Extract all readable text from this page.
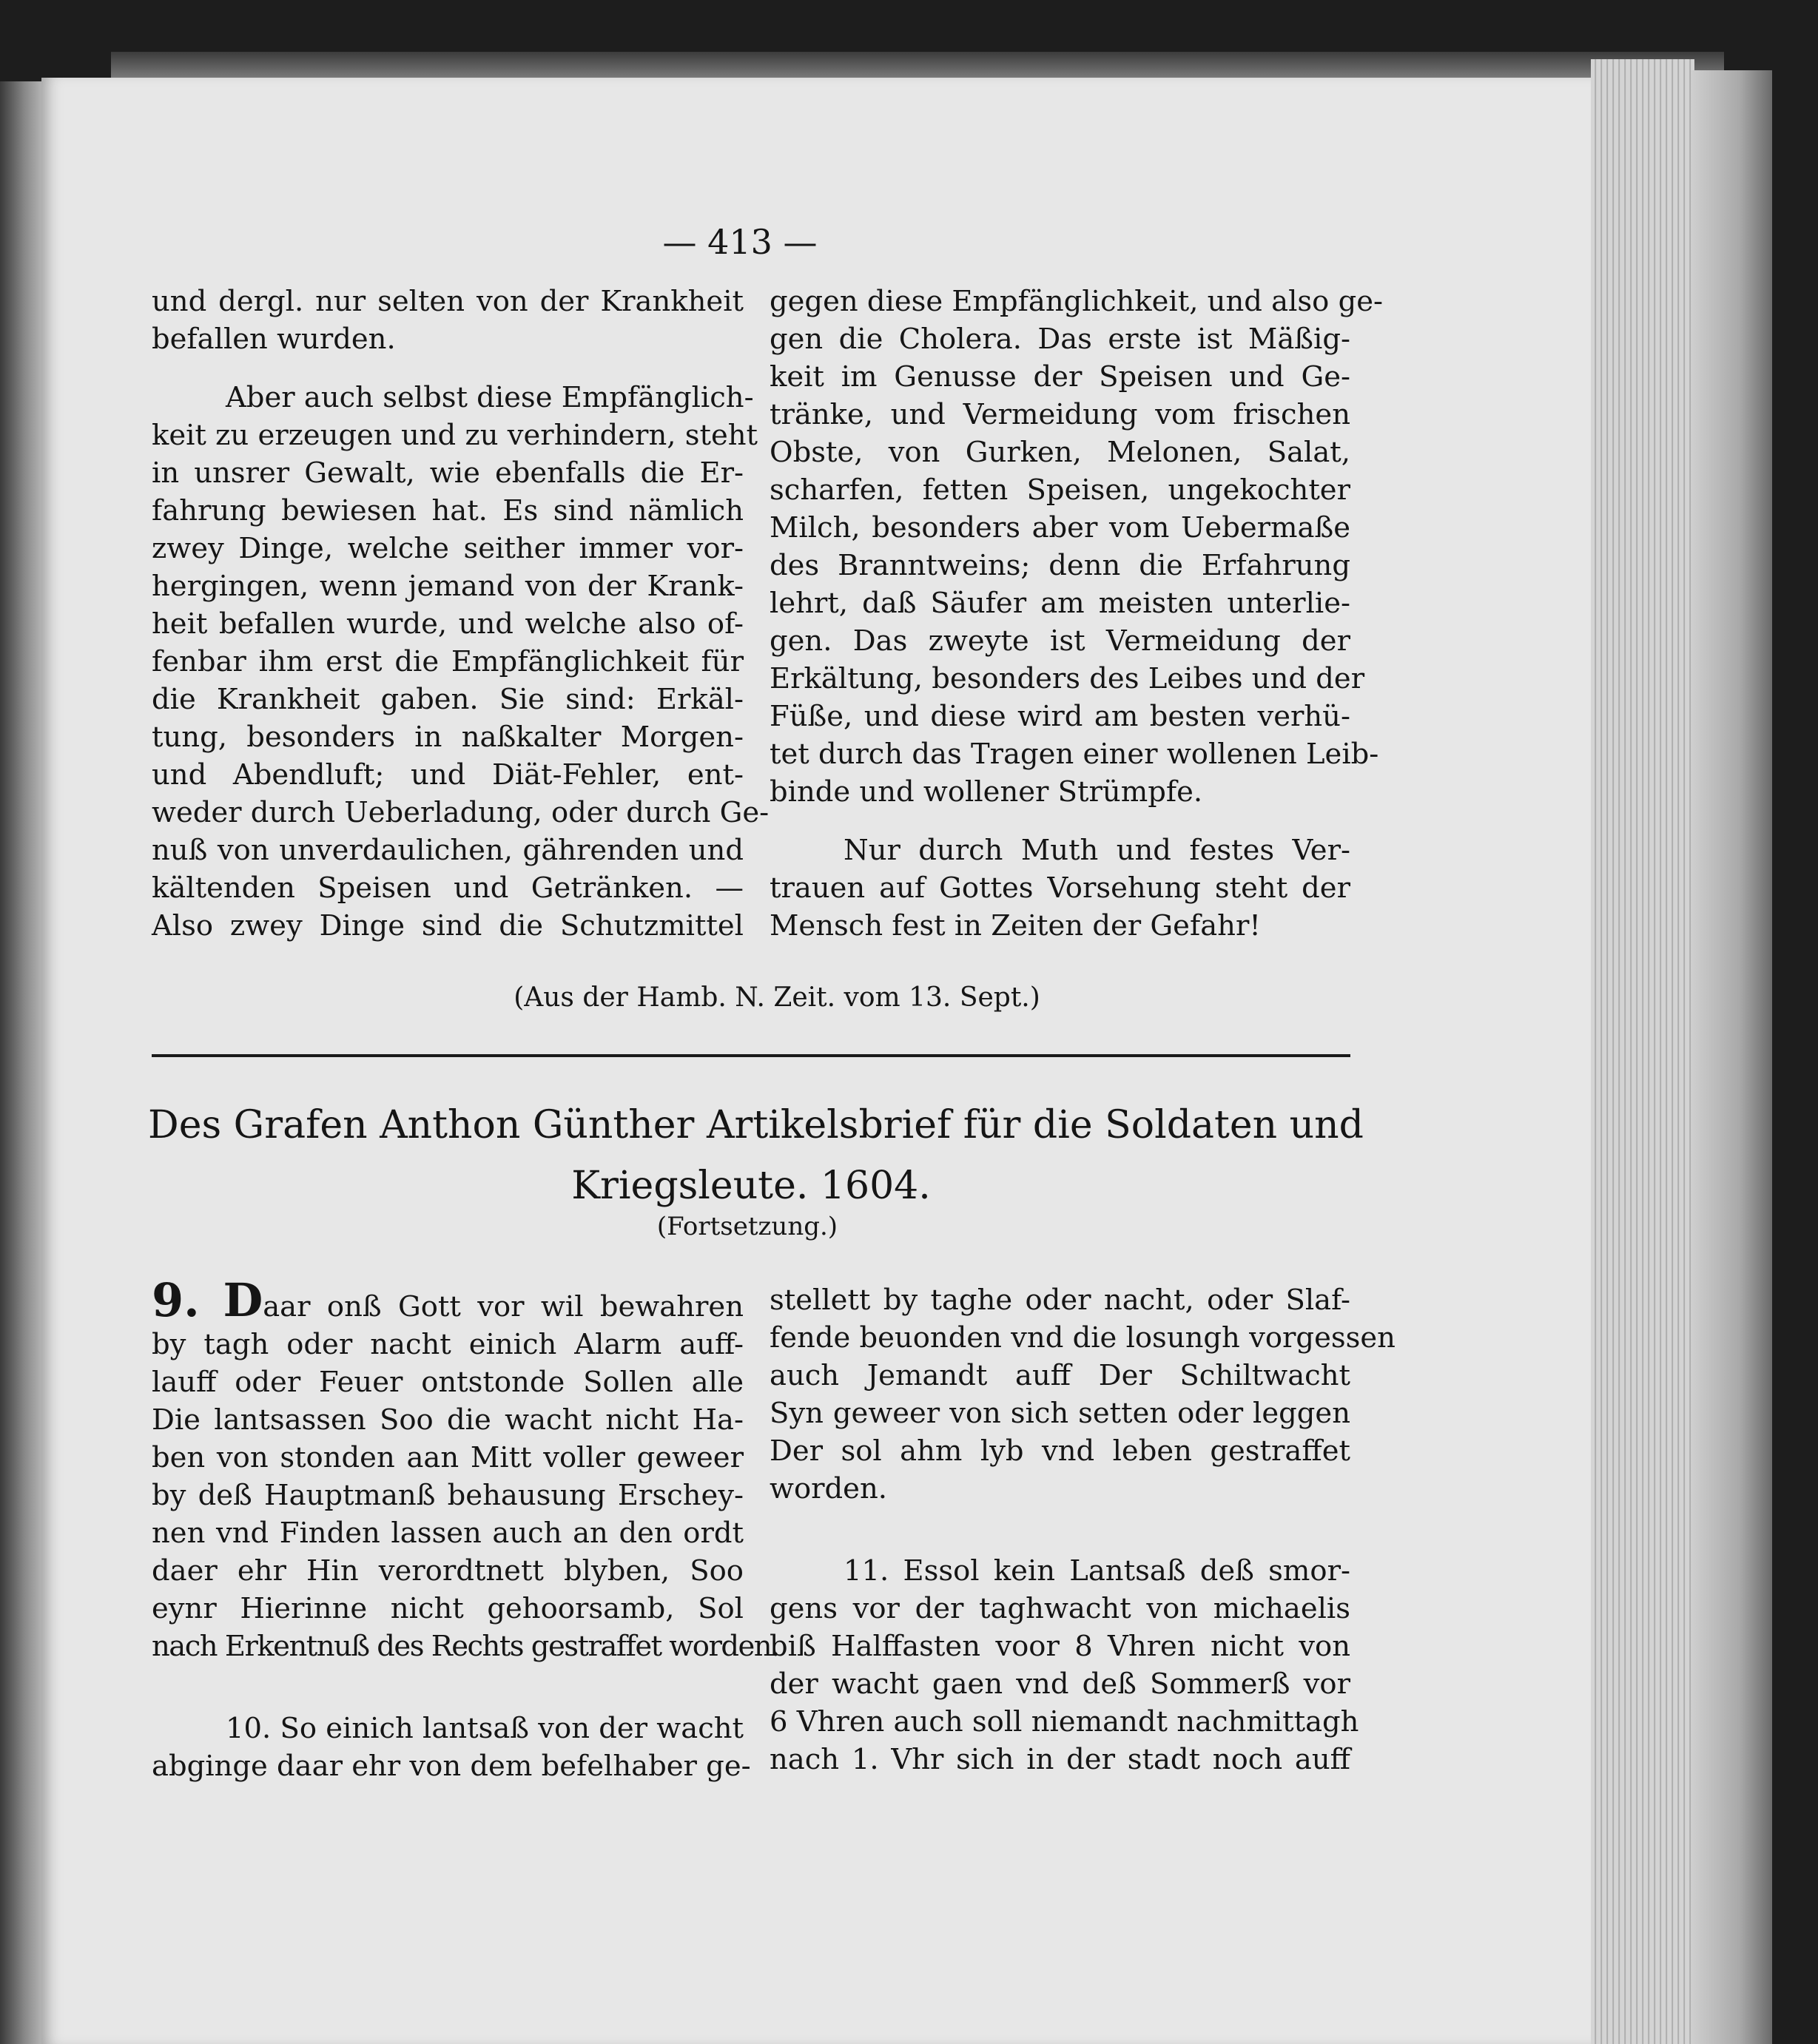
— 413 —
und dergl. nur selten von der Krankheit
befallen wurden.
Aber auch selbst diese Empfänglich-
keit zu erzeugen und zu verhindern, steht
in unsrer Gewalt, wie ebenfalls die Er-
fahrung bewiesen hat. Es sind nämlich
zwey Dinge, welche seither immer vor-
hergingen, wenn jemand von der Krank-
heit befallen wurde, und welche also of-
fenbar ihm erst die Empfänglichkeit für
die Krankheit gaben. Sie sind: Erkäl-
tung, besonders in naßkalter Morgen-
und Abendluft; und Diät-Fehler, ent-
weder durch Ueberladung, oder durch Ge-
nuß von unverdaulichen, gährenden und
kältenden Speisen und Getränken. —
Also zwey Dinge sind die Schutzmittel
gegen diese Empfänglichkeit, und also ge-
gen die Cholera. Das erste ist Mäßig-
keit im Genusse der Speisen und Ge-
tränke, und Vermeidung vom frischen
Obste, von Gurken, Melonen, Salat,
scharfen, fetten Speisen, ungekochter
Milch, besonders aber vom Uebermaße
des Branntweins; denn die Erfahrung
lehrt, daß Säufer am meisten unterlie-
gen. Das zweyte ist Vermeidung der
Erkältung, besonders des Leibes und der
Füße, und diese wird am besten verhü-
tet durch das Tragen einer wollenen Leib-
binde und wollener Strümpfe.
Nur durch Muth und festes Ver-
trauen auf Gottes Vorsehung steht der
Mensch fest in Zeiten der Gefahr!
(Aus der Hamb. N. Zeit. vom 13. Sept.)
Des Grafen Anthon Günther Artikelsbrief für die Soldaten und
Kriegsleute. 1604.
(Fortsetzung.)
9. Daar onß Gott vor wil bewahren
by tagh oder nacht einich Alarm auff-
lauff oder Feuer ontstonde Sollen alle
Die lantsassen Soo die wacht nicht Ha-
ben von stonden aan Mitt voller geweer
by deß Hauptmanß behausung Erschey-
nen vnd Finden lassen auch an den ordt
daer ehr Hin verordtnett blyben, Soo
eynr Hierinne nicht gehoorsamb, Sol
nach Erkentnuß des Rechts gestraffet worden.
10. So einich lantsaß von der wacht
abginge daar ehr von dem befelhaber ge-
stellett by taghe oder nacht, oder Slaf-
fende beuonden vnd die losungh vorgessen
auch Jemandt auff Der Schiltwacht
Syn geweer von sich setten oder leggen
Der sol ahm lyb vnd leben gestraffet
worden.
11. Essol kein Lantsaß deß smor-
gens vor der taghwacht von michaelis
biß Halffasten voor 8 Vhren nicht von
der wacht gaen vnd deß Sommerß vor
6 Vhren auch soll niemandt nachmittagh
nach 1. Vhr sich in der stadt noch auff
